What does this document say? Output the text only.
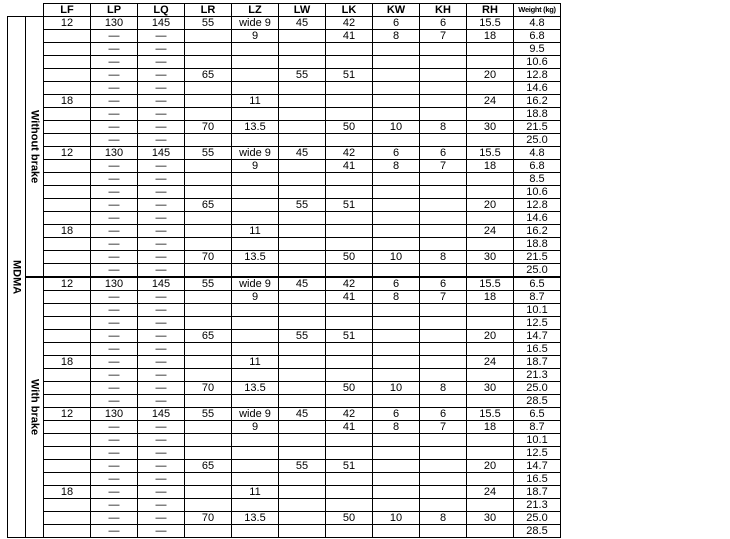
		LF	LP	LQ	LR	LZ	LW	LK	KW	KH	RH	Weight (kg)

MDMA	Without brake	12	130	145	55	wide 9	45	42	6	6	15.5	4.8
			—	—		9		41	8	7	18	6.8
			—	—								9.5
			—	—								10.6
			—	—	65		55	51			20	12.8
			—	—								14.6
		18	—	—		11					24	16.2
			—	—								18.8
			—	—	70	13.5		50	10	8	30	21.5
			—	—								25.0
		12	130	145	55	wide 9	45	42	6	6	15.5	4.8
			—	—		9		41	8	7	18	6.8
			—	—								8.5
			—	—								10.6
			—	—	65		55	51			20	12.8
			—	—								14.6
		18	—	—		11					24	16.2
			—	—								18.8
			—	—	70	13.5		50	10	8	30	21.5
			—	—								25.0

	With brake	12	130	145	55	wide 9	45	42	6	6	15.5	6.5
			—	—		9		41	8	7	18	8.7
			—	—								10.1
			—	—								12.5
			—	—	65		55	51			20	14.7
			—	—								16.5
		18	—	—		11					24	18.7
			—	—								21.3
			—	—	70	13.5		50	10	8	30	25.0
			—	—								28.5
		12	130	145	55	wide 9	45	42	6	6	15.5	6.5
			—	—		9		41	8	7	18	8.7
			—	—								10.1
			—	—								12.5
			—	—	65		55	51			20	14.7
			—	—								16.5
		18	—	—		11					24	18.7
			—	—								21.3
			—	—	70	13.5		50	10	8	30	25.0
			—	—								28.5
